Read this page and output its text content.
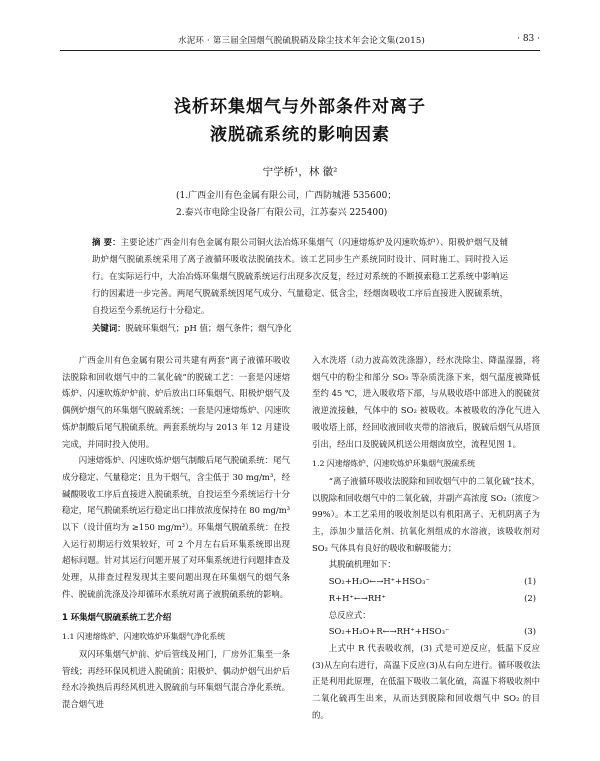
水泥环 · 第三届全国烟气脱硫脱硝及除尘技术年会论文集(2015)	· 83 ·
浅析环集烟气与外部条件对离子
液脱硫系统的影响因素
宁学桥¹，林 徽²
(1.广西金川有色金属有限公司，广西防城港 535600；
2.泰兴市电除尘设备厂有限公司，江苏泰兴 225400)
摘 要：主要论述广西金川有色金属有限公司铜火法冶炼环集烟气（闪速熔炼炉及闪速吹炼炉）、阳极炉烟气及辅助炉烟气脱硫系统采用了离子液循环吸收法脱硫技术。该工艺同步生产系统同时设计、同时施工、同时投入运行。在实际运行中，大冶冶炼环集烟气脱硫系统运行出现多次反复，经过对系统的不断摸索稳工艺系统中影响运行的因素进一步完善。两尾气脱硫系统因尾气成分、气量稳定、低含尘，经烟囱吸收工序后直接进入脱硫系统，自投运至今系统运行十分稳定。
关键词：脱硫环集烟气；pH 值；烟气条件；烟气净化

广西金川有色金属有限公司共建有两套“离子液循环吸收法脱除和回收烟气中的二氧化硫”的脱硫工艺：一套是闪速熔炼炉、闪速吹炼炉炉前、炉后放出口环集烟气、阳极炉烟气及偶例炉烟气的环集烟气脱硫系统；一套是闪速熔炼炉、闪速吹炼炉制酸后尾气脱硫系统。两套系统均与 2013 年 12 月建设完成，并同时投入使用。

闪速熔炼炉、闪速吹炼炉烟气制酸后尾气脱硫系统：尾气成分稳定、气量稳定；且为干烟气，含尘低于 30 mg/m³，经碱酸吸收工序后直接进入脱硫系统，自投运至今系统运行十分稳定，尾气脱硫系统运行稳定出口排放浓度保持在 80 mg/m³ 以下（设计值均为 ≥150 mg/m³）。环集烟气脱硫系统：在投入运行初期运行效果较好，可 2 个月左右后环集系统即出现超标问题。针对其运行问题开展了对环集系统进行问题排查及处理，从排查过程发现其主要问题出现在环集烟气的烟气条件、脱硫前洗涤及冷却循环水系统对离子液脱硫系统的影响。

1 环集烟气脱硫系统工艺介绍

1.1 闪速熔炼炉、闪速吹炼炉环集烟气净化系统

双闪环集烟气炉前、炉后管线及闸门，厂房外汇集至一条管线；再经环保风机进入脱硫前；阳极炉、偶动炉烟气出炉后经水冷换热后再经风机进入脱硫前与环集烟气混合净化系统。混合烟气进

入水洗塔（动力波高效洗涤器），经水洗除尘、降温湿器，将烟气中的粉尘和部分 SO₃ 等杂质洗涤下来，烟气温度被降低至约 45 ℃，进入吸收塔下部，与从吸收塔中部进入的脱硫贫液逆流接触，气体中的 SO₂ 被吸收。本被吸收的净化气进入吸收塔上部，经回收液回收夹带的溶液后，脱硫后烟气从塔顶引出，经出口及脱硫风机送公用烟囱放空，流程见图 1。

1.2 闪速熔炼炉、闪速吹炼炉环集烟气脱硫系统

“离子液循环吸收法脱除和回收烟气中的二氧化硫”技术，以脱除和回收烟气中的二氧化硫，并副产高浓度 SO₂（浓度＞99%）。本工艺采用的吸收剂是以有机阳离子、无机阴离子为主，添加少量活化剂、抗氧化剂组成的水溶液，该吸收剂对 SO₂ 气体具有良好的吸收和解吸能力；

其脱硫机理如下：

SO₂+H₂O←→H⁺+HSO₃⁻	(1)
R+H⁺←→RH⁺	(2)

总反应式：

SO₂+H₂O+R←→RH⁺+HSO₃⁻	(3)

上式中 R 代表吸收剂，(3) 式是可逆反应，低温下反应(3)从左向右进行，高温下反应(3)从右向左进行。循环吸收法正是利用此原理，在低温下吸收二氧化硫，高温下将吸收剂中二氧化硫再生出来，从而达到脱除和回收烟气中 SO₂ 的目的。
